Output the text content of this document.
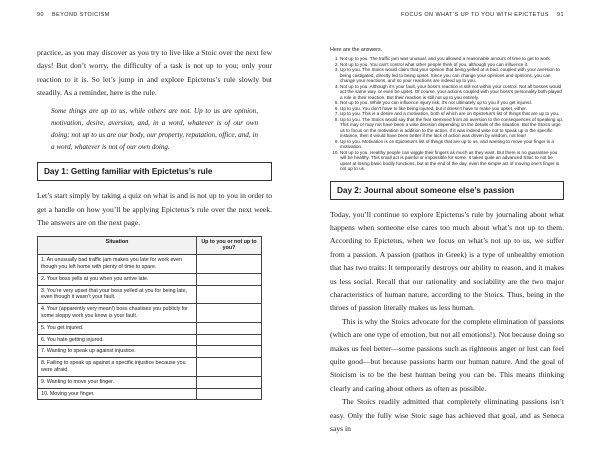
90 BEYOND STOICISM

practice, as you may discover as you try to live like a Stoic over the next few days! But don’t worry, the difficulty of a task is not up to you; only your reaction to it is. So let’s jump in and explore Epictetus’s rule slowly but steadily. As a reminder, here is the rule.

Some things are up to us, while others are not. Up to us are opinion, motivation, desire, aversion, and, in a word, whatever is of our own doing; not up to us are our body, our property, reputation, office, and, in a word, whatever is not of our own doing.

Day 1: Getting familiar with Epictetus’s rule

Let’s start simply by taking a quiz on what is and is not up to you in order to get a handle on how you’ll be applying Epictetus’s rule over the next week. The answers are on the next page.

Situation	Up to you or not up to you?
1. An unusually bad traffic jam makes you late for work even though you left home with plenty of time to spare.	
2. Your boss yells at you when you arrive late.	
3. You’re very upset that your boss yelled at you for being late, even though it wasn’t your fault.	
4. Your (apparently very mean!) boss chastises you publicly for some sloppy work you know is your fault.	
5. You get injured.	
6. You hate getting injured.	
7. Wanting to speak up against injustice.	
8. Failing to speak up against a specific injustice because you were afraid.	
9. Wanting to move your finger.	
10. Moving your finger.	
FOCUS ON WHAT’S UP TO YOU WITH EPICTETUS 91
Here are the answers.
1. Not up to you. The traffic jam was unusual, and you allowed a reasonable amount of time to get to work.
2. Not up to you. You can’t control what other people think of you, although you can influence it.
3. Up to you. The Stoics would claim that your opinion that being yelled at is bad, coupled with your aversion to being castigated, directly led to being upset. Since you can change your opinions and opinions, you can change your reactions, and so your reactions are indeed up to you.
4. Not up to you. Although it’s your fault, your boss’s reaction is still not within your control. Not all bosses would act the same way, or even be upset. Of course, your actions coupled with your boss’s personality both played a role in their reaction. But their reaction is still not up to you entirely.
5. Not up to you. While you can influence injury risk, it’s not ultimately up to you if you get injured.
6. Up to you. You don’t have to like being injured, but it doesn’t have to make you upset, either.
7. Up to you. This is a desire and a motivation, both of which are on Epictetus’s list of things that are up to you.
8. Up to you. The Stoics would say that the fear stemmed from an aversion to the consequences of speaking up. This may or may not have been a wise decision depending on the details of the situation. But the Stoics urge us to focus on the motivation in addition to the action. If it was indeed wise not to speak up in the specific instance, then it would have been better if the lack of action was driven by wisdom, not fear!
9. Up to you. Motivation is on Epictetus’s list of things that are up to us, and wanting to move your finger is a motivation.
10. Not up to you. Healthy people can wiggle their fingers as much as they want. But there is no guarantee you will be healthy. This small act is painful or impossible for some. It takes quite an advanced Stoic to not be upset at losing basic bodily functions, but at the end of the day, even the simple act of moving one’s finger is not up to us.
Day 2: Journal about someone else’s passion

Today, you’ll continue to explore Epictetus’s rule by journaling about what happens when someone else cares too much about what’s not up to them. According to Epictetus, when we focus on what’s not up to us, we suffer from a passion. A passion (pathos in Greek) is a type of unhealthy emotion that has two traits: It temporarily destroys our ability to reason, and it makes us less social. Recall that our rationality and sociability are the two major characteristics of human nature, according to the Stoics. Thus, being in the throes of passion literally makes us less human.

This is why the Stoics advocate for the complete elimination of passions (which are one type of emotion, but not all emotions!). Not because doing so makes us feel better—some passions such as righteous anger or lust can feel quite good—but because passions harm our human nature. And the goal of Stoicism is to be the best human being you can be. This means thinking clearly and caring about others as often as possible.

The Stoics readily admitted that completely eliminating passions isn’t easy. Only the fully wise Stoic sage has achieved that goal, and as Seneca says in
